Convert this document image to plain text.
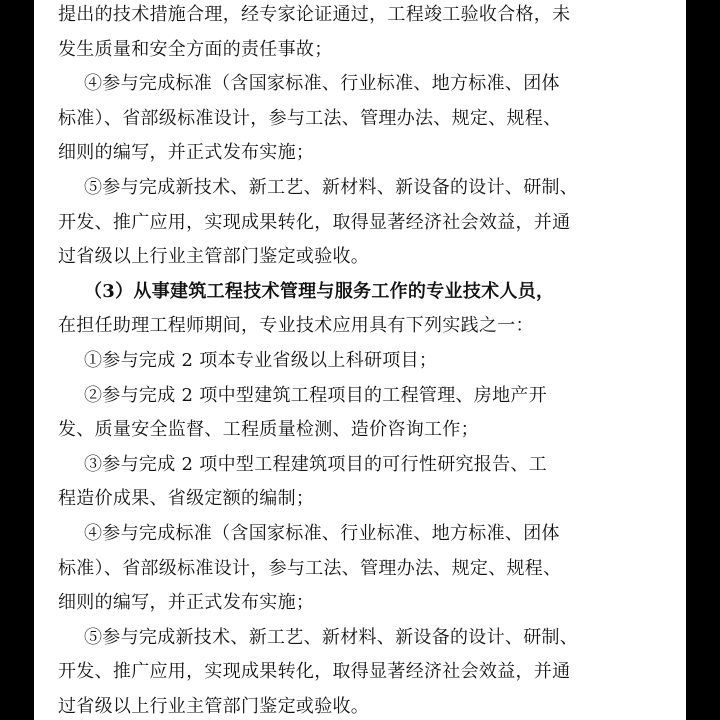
提出的技术措施合理，经专家论证通过，工程竣工验收合格，未
发生质量和安全方面的责任事故；
④参与完成标准（含国家标准、行业标准、地方标准、团体
标准）、省部级标准设计，参与工法、管理办法、规定、规程、
细则的编写，并正式发布实施；
⑤参与完成新技术、新工艺、新材料、新设备的设计、研制、
开发、推广应用，实现成果转化，取得显著经济社会效益，并通
过省级以上行业主管部门鉴定或验收。
（3）从事建筑工程技术管理与服务工作的专业技术人员，
在担任助理工程师期间，专业技术应用具有下列实践之一：
①参与完成 2 项本专业省级以上科研项目；
②参与完成 2 项中型建筑工程项目的工程管理、房地产开
发、质量安全监督、工程质量检测、造价咨询工作；
③参与完成 2 项中型工程建筑项目的可行性研究报告、工
程造价成果、省级定额的编制；
④参与完成标准（含国家标准、行业标准、地方标准、团体
标准）、省部级标准设计，参与工法、管理办法、规定、规程、
细则的编写，并正式发布实施；
⑤参与完成新技术、新工艺、新材料、新设备的设计、研制、
开发、推广应用，实现成果转化，取得显著经济社会效益，并通
过省级以上行业主管部门鉴定或验收。
